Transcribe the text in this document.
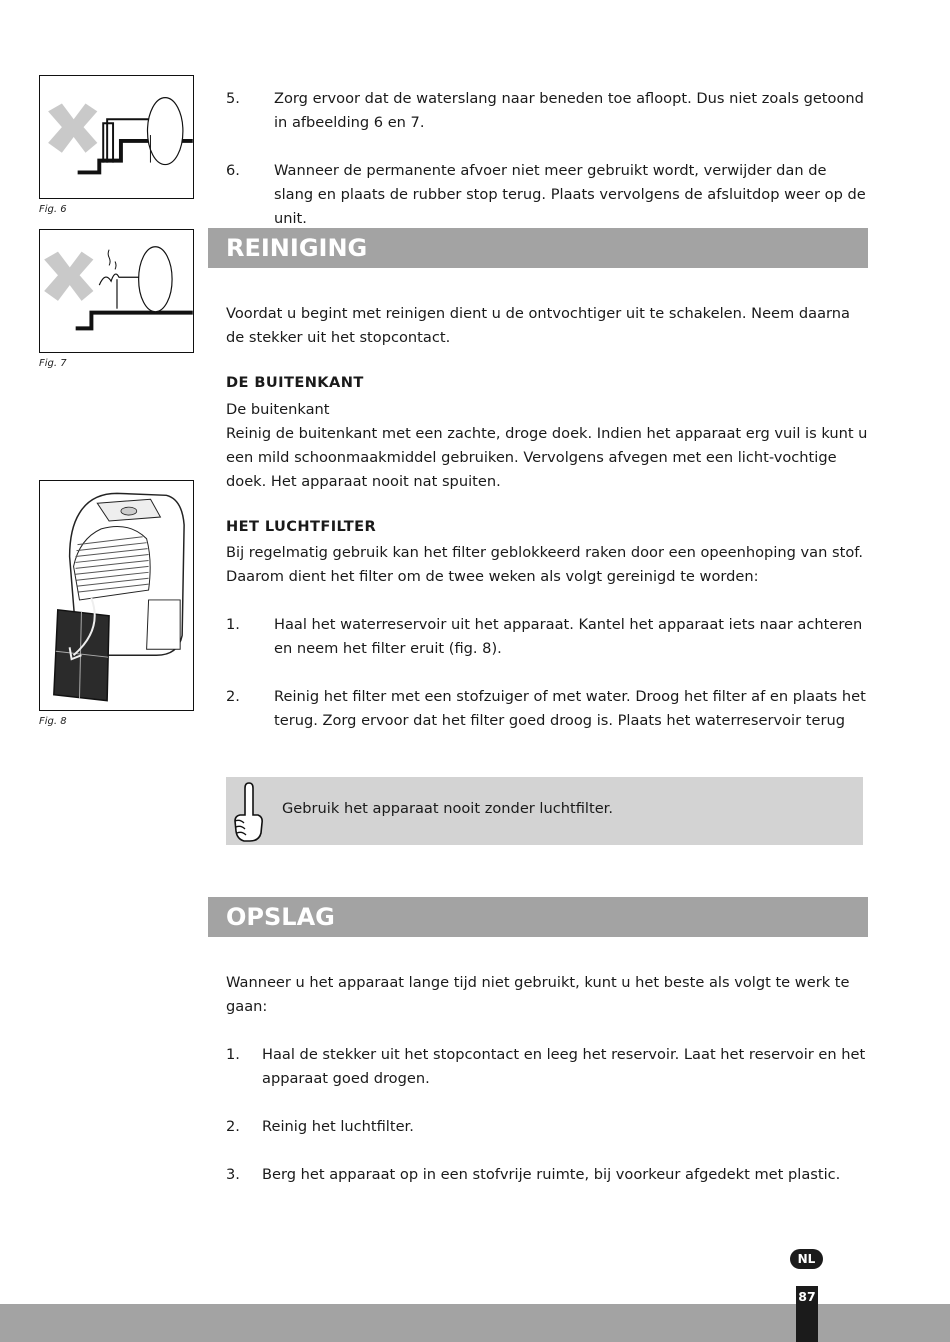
Fig. 6
Fig. 7
Fig. 8
5.	Zorg ervoor dat de waterslang naar beneden toe afloopt. Dus niet zoals getoond in afbeelding 6 en 7.
6.	Wanneer de permanente afvoer niet meer gebruikt wordt, verwijder dan de slang en plaats de rubber stop terug. Plaats vervolgens de afsluitdop weer op de unit.
REINIGING
Voordat u begint met reinigen dient u de ontvochtiger uit te schakelen. Neem daarna de stekker uit het stopcontact.
DE BUITENKANT
De buitenkant
Reinig de buitenkant met een zachte, droge doek. Indien het apparaat erg vuil is kunt u een mild schoonmaakmiddel gebruiken. Vervolgens afvegen met een licht-vochtige doek. Het apparaat nooit nat spuiten.
HET LUCHTFILTER
Bij regelmatig gebruik kan het filter geblokkeerd raken door een opeenhoping van stof. Daarom dient het filter om de twee weken als volgt gereinigd te worden:
1.	Haal het waterreservoir uit het apparaat. Kantel het apparaat iets naar achteren en neem het filter eruit (fig. 8).
2.	Reinig het filter met een stofzuiger of met water. Droog het filter af en plaats het terug. Zorg ervoor dat het filter goed droog is. Plaats het waterreservoir terug
Gebruik het apparaat nooit zonder luchtfilter.
OPSLAG
Wanneer u het apparaat lange tijd niet gebruikt, kunt u het beste als volgt te werk te gaan:
1.	Haal de stekker uit het stopcontact en leeg het reservoir. Laat het reservoir en het apparaat goed drogen.
2.	Reinig het luchtfilter.
3.	Berg het apparaat op in een stofvrije ruimte, bij voorkeur afgedekt met plastic.
NL
87
